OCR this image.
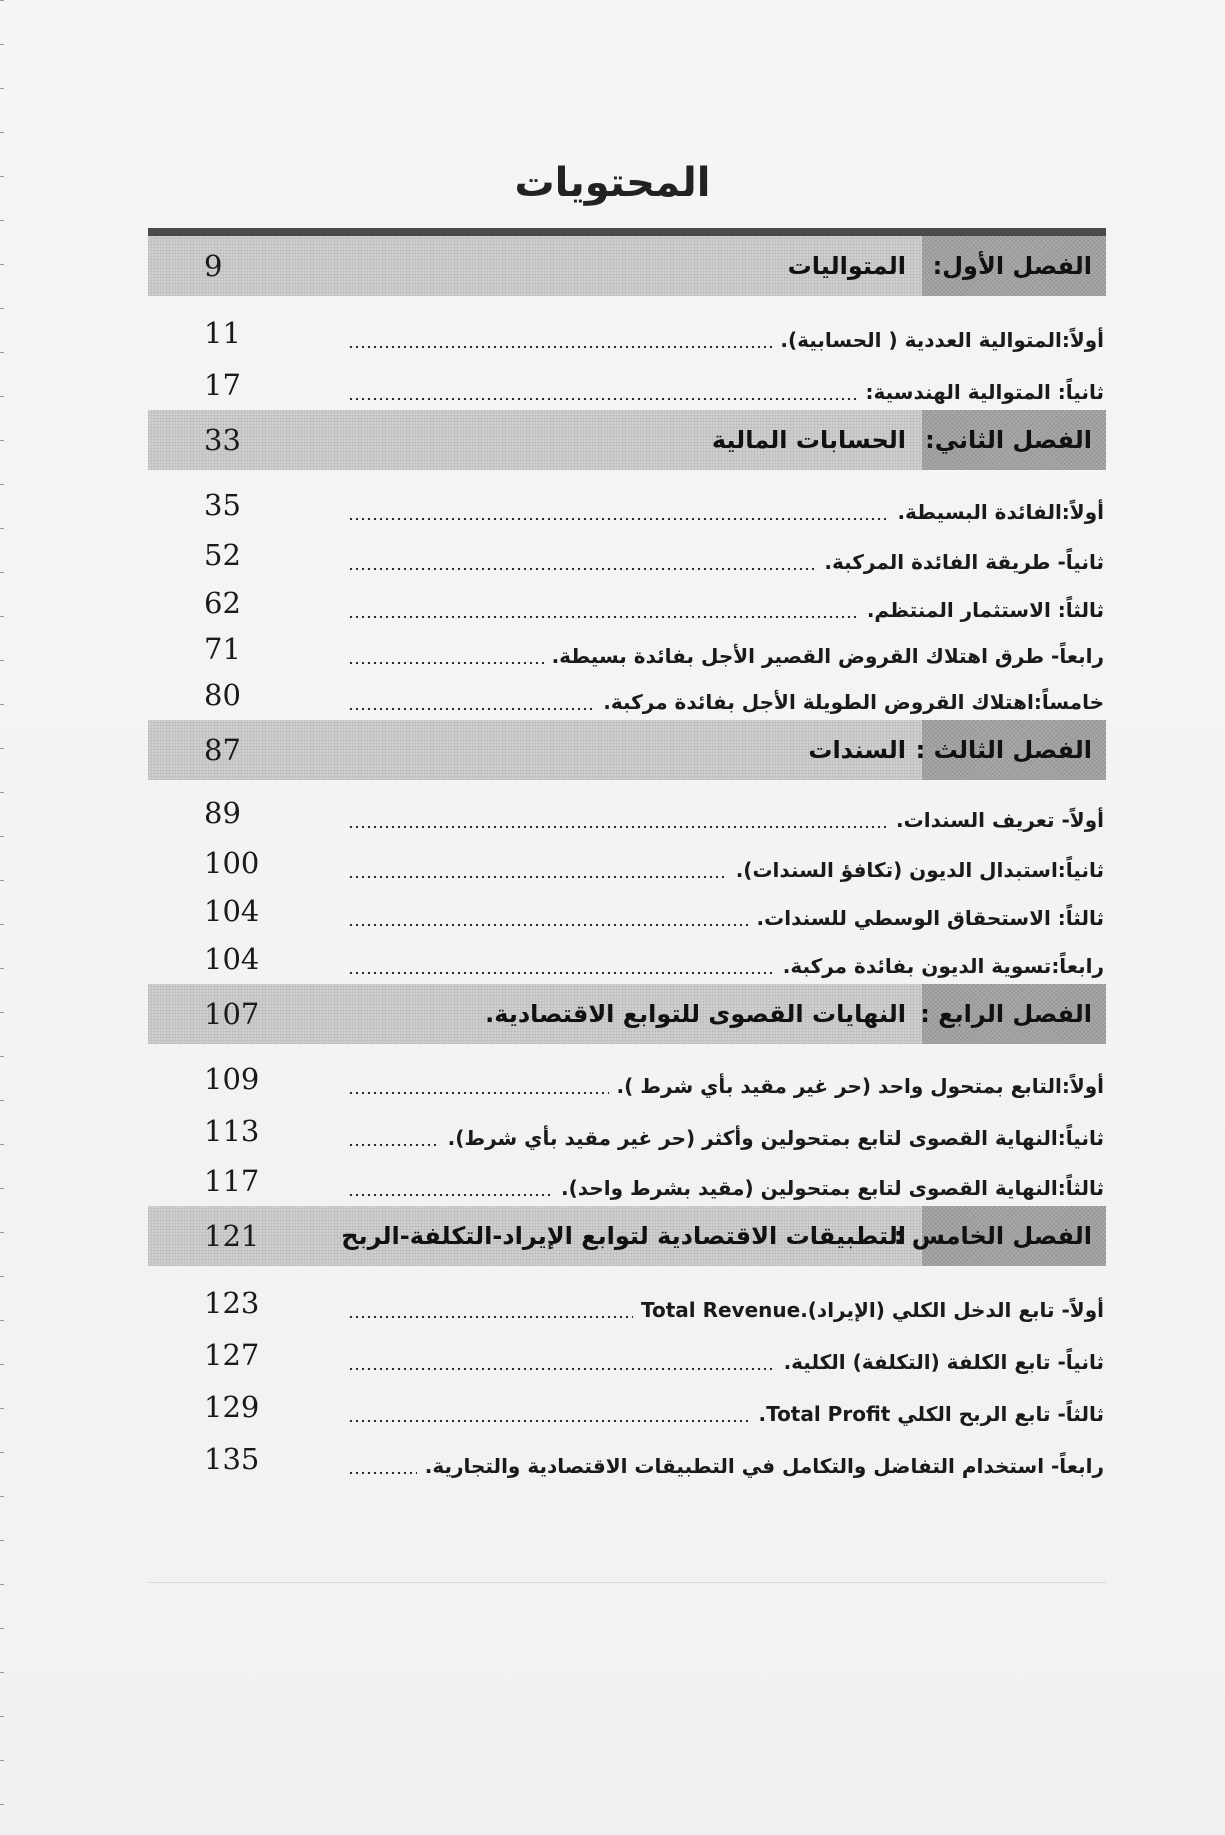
المحتويات
الفصل الأول:
المتواليات
9
أولاً:المتوالية العددية ( الحسابية).
11
ثانياً: المتوالية الهندسية:
17
الفصل الثاني:
الحسابات المالية
33
أولاً:الفائدة البسيطة.
35
ثانياً- طريقة الفائدة المركبة.
52
ثالثاً: الاستثمار المنتظم.
62
رابعاً- طرق اهتلاك القروض القصير الأجل بفائدة بسيطة.
71
خامساً:اهتلاك القروض الطويلة الأجل بفائدة مركبة.
80
الفصل الثالث :
السندات
87
أولاً- تعريف السندات.
89
ثانياً:استبدال الديون (تكافؤ السندات).
100
ثالثاً: الاستحقاق الوسطي للسندات.
104
رابعاً:تسوية الديون بفائدة مركبة.
104
الفصل الرابع :
النهايات القصوى للتوابع الاقتصادية.
107
أولاً:التابع بمتحول واحد (حر غير مقيد بأي شرط ).
109
ثانياً:النهاية القصوى لتابع بمتحولين وأكثر (حر غير مقيد بأي شرط).
113
ثالثاً:النهاية القصوى لتابع بمتحولين (مقيد بشرط واحد).
117
الفصل الخامس :
التطبيقات الاقتصادية لتوابع الإيراد-التكلفة-الربح
121
أولاً- تابع الدخل الكلي (الإيراد).Total Revenue
123
ثانياً- تابع الكلفة (التكلفة) الكلية.
127
ثالثاً- تابع الربح الكلي Total Profit.
129
رابعاً- استخدام التفاضل والتكامل في التطبيقات الاقتصادية والتجارية.
135
